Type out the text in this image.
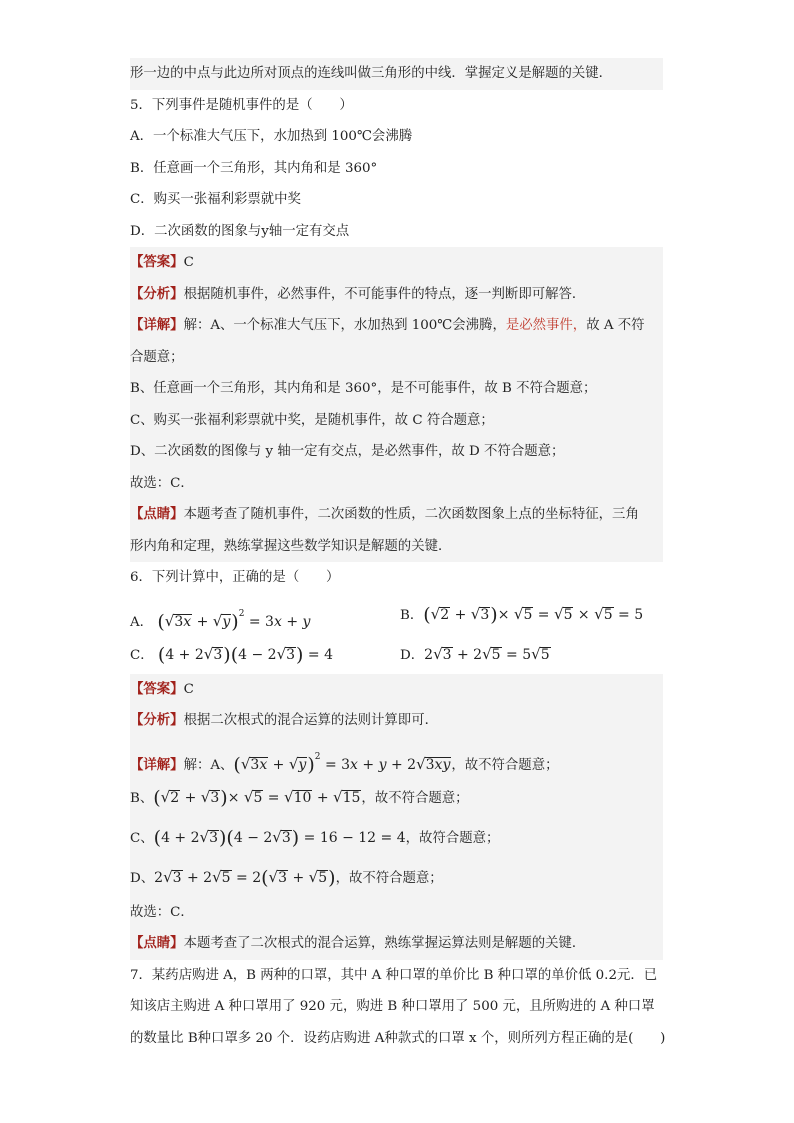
形一边的中点与此边所对顶点的连线叫做三角形的中线．掌握定义是解题的关键．
5．下列事件是随机事件的是（　　）
A．一个标准大气压下，水加热到 100℃会沸腾
B．任意画一个三角形，其内角和是 360°
C．购买一张福利彩票就中奖
D．二次函数的图象与y轴一定有交点
【答案】C
【分析】根据随机事件，必然事件，不可能事件的特点，逐一判断即可解答．
【详解】解：A、一个标准大气压下，水加热到 100℃会沸腾，是必然事件，故 A 不符
合题意；
B、任意画一个三角形，其内角和是 360°，是不可能事件，故 B 不符合题意；
C、购买一张福利彩票就中奖，是随机事件，故 C 符合题意；
D、二次函数的图像与 y 轴一定有交点，是必然事件，故 D 不符合题意；
故选：C．
【点睛】本题考查了随机事件，二次函数的性质，二次函数图象上点的坐标特征，三角
形内角和定理，熟练掌握这些数学知识是解题的关键．
6．下列计算中，正确的是（　　）
A． $(√3x + √y)^2 = 3x + y$	B．(√2 + √3)× √5 = √5 × √5 = 5
C． (4 + 2√3)(4 − 2√3) = 4	D．2√3 + 2√5 = 5√5
【答案】C
【分析】根据二次根式的混合运算的法则计算即可．
【详解】解：A、$(√3x + √y)^2 = 3x + y + 2√3xy$，故不符合题意；
B、(√2 + √3)× √5 = √10 + √15，故不符合题意；
C、(4 + 2√3)(4 − 2√3) = 16 − 12 = 4，故符合题意；
D、2√3 + 2√5 = 2(√3 + √5)，故不符合题意；
故选：C．
【点睛】本题考查了二次根式的混合运算，熟练掌握运算法则是解题的关键．
7．某药店购进 A，B 两种的口罩，其中 A 种口罩的单价比 B 种口罩的单价低 0.2元．已
知该店主购进 A 种口罩用了 920 元，购进 B 种口罩用了 500 元，且所购进的 A 种口罩
的数量比 B种口罩多 20 个．设药店购进 A种款式的口罩 x 个，则所列方程正确的是(　　)
